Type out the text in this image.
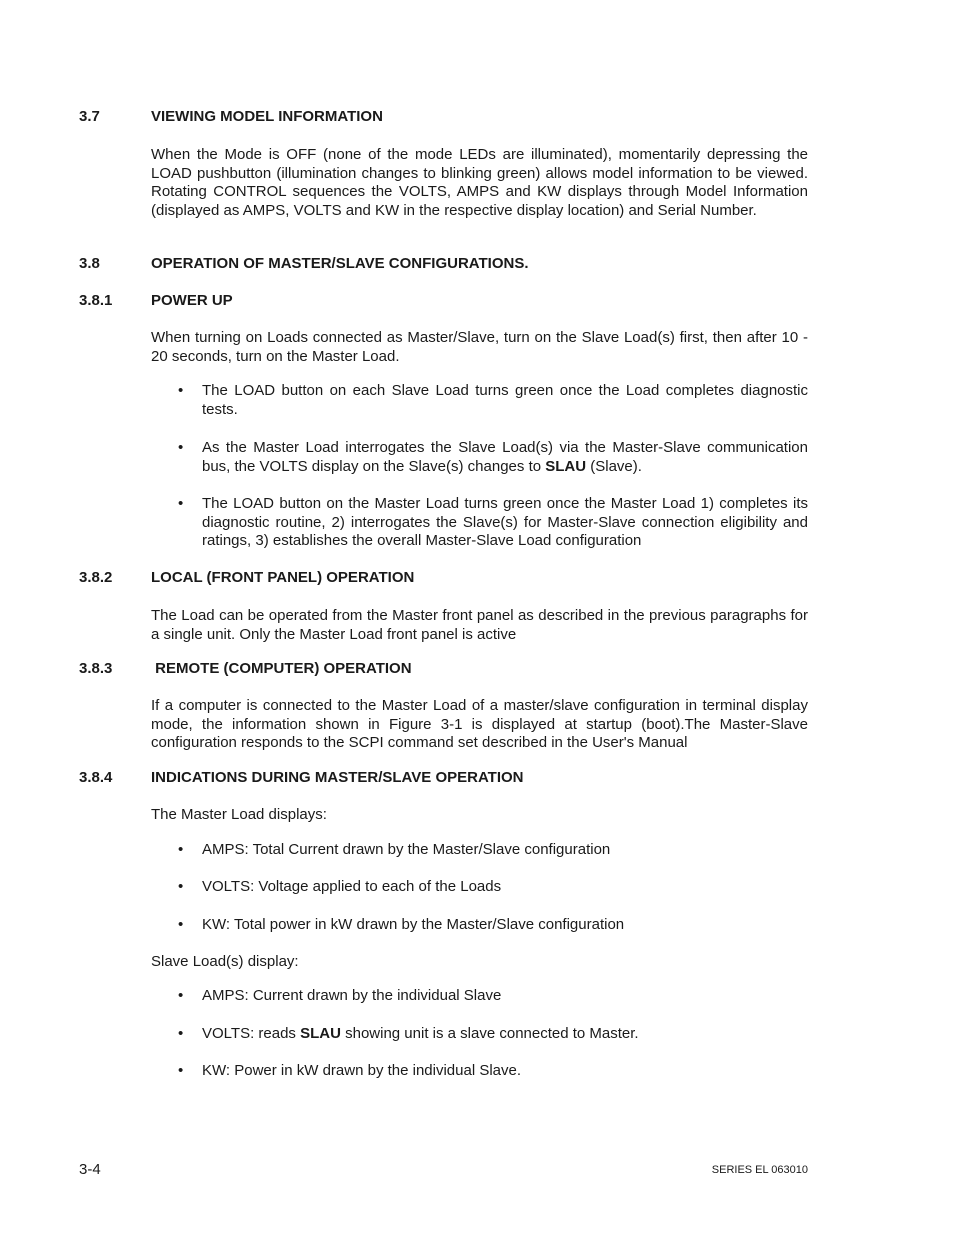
3.7	VIEWING MODEL INFORMATION
When the Mode is OFF (none of the mode LEDs are illuminated), momentarily depressing the LOAD pushbutton (illumination changes to blinking green) allows model information to be viewed. Rotating CONTROL sequences the VOLTS, AMPS and KW displays through Model Information (displayed as AMPS, VOLTS and KW in the respective display location) and Serial Number.
3.8	OPERATION OF MASTER/SLAVE CONFIGURATIONS.
3.8.1	POWER UP
When turning on Loads connected as Master/Slave, turn on the Slave Load(s) first, then after 10 - 20 seconds, turn on the Master Load.
• The LOAD button on each Slave Load turns green once the Load completes diagnostic tests.
• As the Master Load interrogates the Slave Load(s) via the Master-Slave communication bus, the VOLTS display on the Slave(s) changes to SLAU (Slave).
• The LOAD button on the Master Load turns green once the Master Load 1) completes its diagnostic routine, 2) interrogates the Slave(s) for Master-Slave connection eligibility and ratings, 3) establishes the overall Master-Slave Load configuration
3.8.2	LOCAL (FRONT PANEL) OPERATION
The Load can be operated from the Master front panel as described in the previous paragraphs for a single unit. Only the Master Load front panel is active
3.8.3	REMOTE (COMPUTER) OPERATION
If a computer is connected to the Master Load of a master/slave configuration in terminal display mode, the information shown in Figure 3-1 is displayed at startup (boot).The Master-Slave configuration responds to the SCPI command set described in the User's Manual
3.8.4	INDICATIONS DURING MASTER/SLAVE OPERATION
The Master Load displays:
• AMPS: Total Current drawn by the Master/Slave configuration
• VOLTS: Voltage applied to each of the Loads
• KW: Total power in kW drawn by the Master/Slave configuration
Slave Load(s) display:
• AMPS: Current drawn by the individual Slave
• VOLTS: reads SLAU showing unit is a slave connected to Master.
• KW: Power in kW drawn by the individual Slave.
3-4	SERIES EL 063010
